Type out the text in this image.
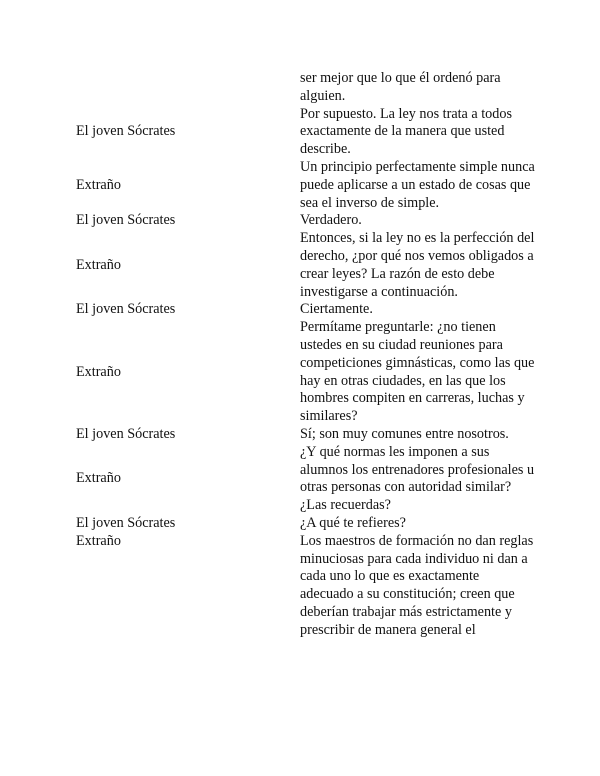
	ser mejor que lo que él ordenó para alguien.
El joven Sócrates	Por supuesto. La ley nos trata a todos exactamente de la manera que usted describe.
Extraño	Un principio perfectamente simple nunca puede aplicarse a un estado de cosas que sea el inverso de simple.
El joven Sócrates	Verdadero.
Extraño	Entonces, si la ley no es la perfección del derecho, ¿por qué nos vemos obligados a crear leyes? La razón de esto debe investigarse a continuación.
El joven Sócrates	Ciertamente.
Extraño	Permítame preguntarle: ¿no tienen ustedes en su ciudad reuniones para competiciones gimnásticas, como las que hay en otras ciudades, en las que los hombres compiten en carreras, luchas y similares?
El joven Sócrates	Sí; son muy comunes entre nosotros.
Extraño	¿Y qué normas les imponen a sus alumnos los entrenadores profesionales u otras personas con autoridad similar? ¿Las recuerdas?
El joven Sócrates	¿A qué te refieres?
Extraño	Los maestros de formación no dan reglas minuciosas para cada individuo ni dan a cada uno lo que es exactamente adecuado a su constitución; creen que deberían trabajar más estrictamente y prescribir de manera general el
